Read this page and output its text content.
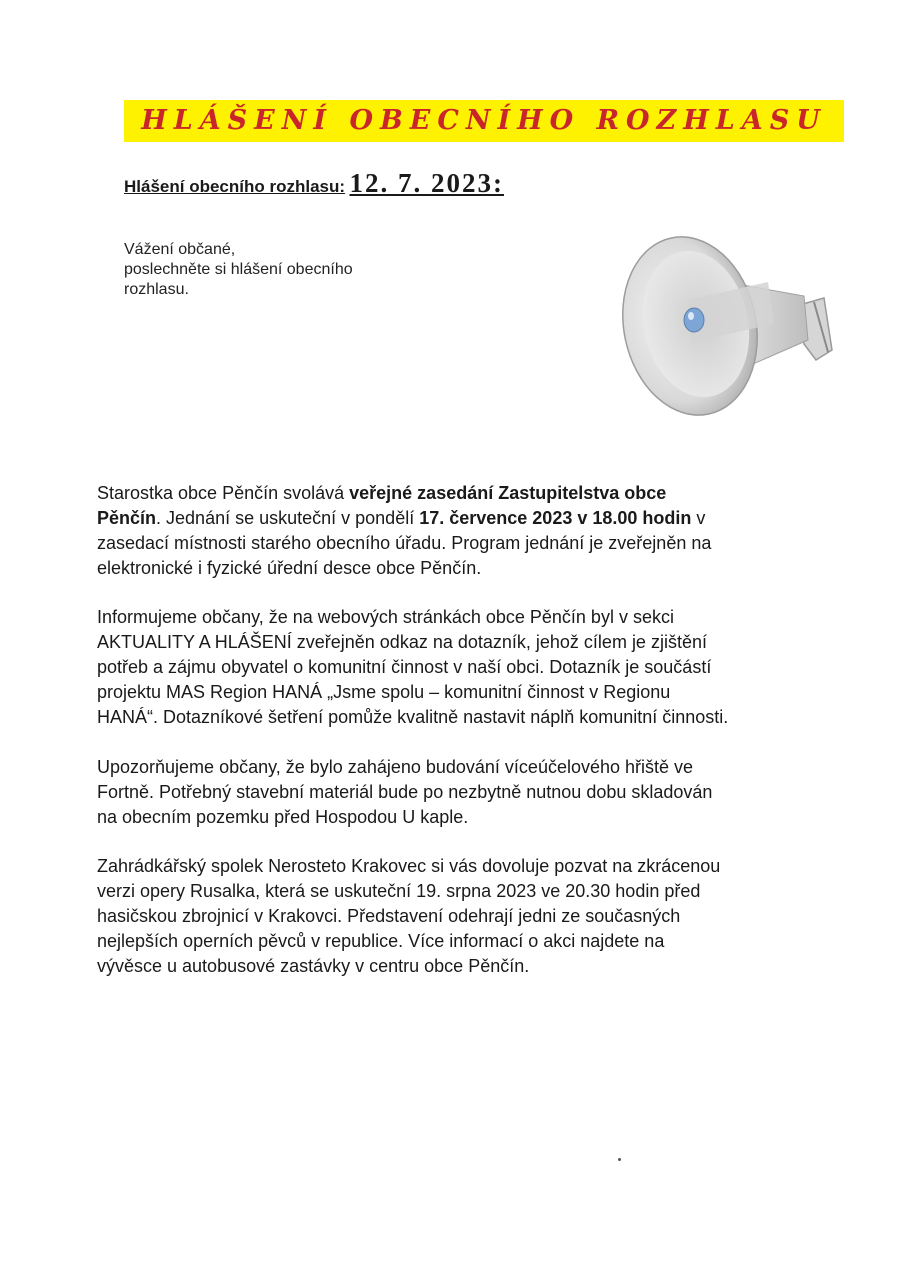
HLÁŠENÍ OBECNÍHO ROZHLASU
Hlášení obecního rozhlasu: 12. 7. 2023:
Vážení občané,
poslechněte si hlášení obecního
rozhlasu.
Starostka obce Pěnčín svolává veřejné zasedání Zastupitelstva obce
Pěnčín. Jednání se uskuteční v pondělí 17. července 2023 v 18.00 hodin v
zasedací místnosti starého obecního úřadu. Program jednání je zveřejněn na
elektronické i fyzické úřední desce obce Pěnčín.
Informujeme občany, že na webových stránkách obce Pěnčín byl v sekci
AKTUALITY A HLÁŠENÍ zveřejněn odkaz na dotazník, jehož cílem je zjištění
potřeb a zájmu obyvatel o komunitní činnost v naší obci. Dotazník je součástí
projektu MAS Region HANÁ „Jsme spolu – komunitní činnost v Regionu
HANÁ“. Dotazníkové šetření pomůže kvalitně nastavit náplň komunitní činnosti.
Upozorňujeme občany, že bylo zahájeno budování víceúčelového hřiště ve
Fortně. Potřebný stavební materiál bude po nezbytně nutnou dobu skladován
na obecním pozemku před Hospodou U kaple.
Zahrádkářský spolek Nerosteto Krakovec si vás dovoluje pozvat na zkrácenou
verzi opery Rusalka, která se uskuteční 19. srpna 2023 ve 20.30 hodin před
hasičskou zbrojnicí v Krakovci. Představení odehrají jedni ze současných
nejlepších operních pěvců v republice. Více informací o akci najdete na
vývěsce u autobusové zastávky v centru obce Pěnčín.
